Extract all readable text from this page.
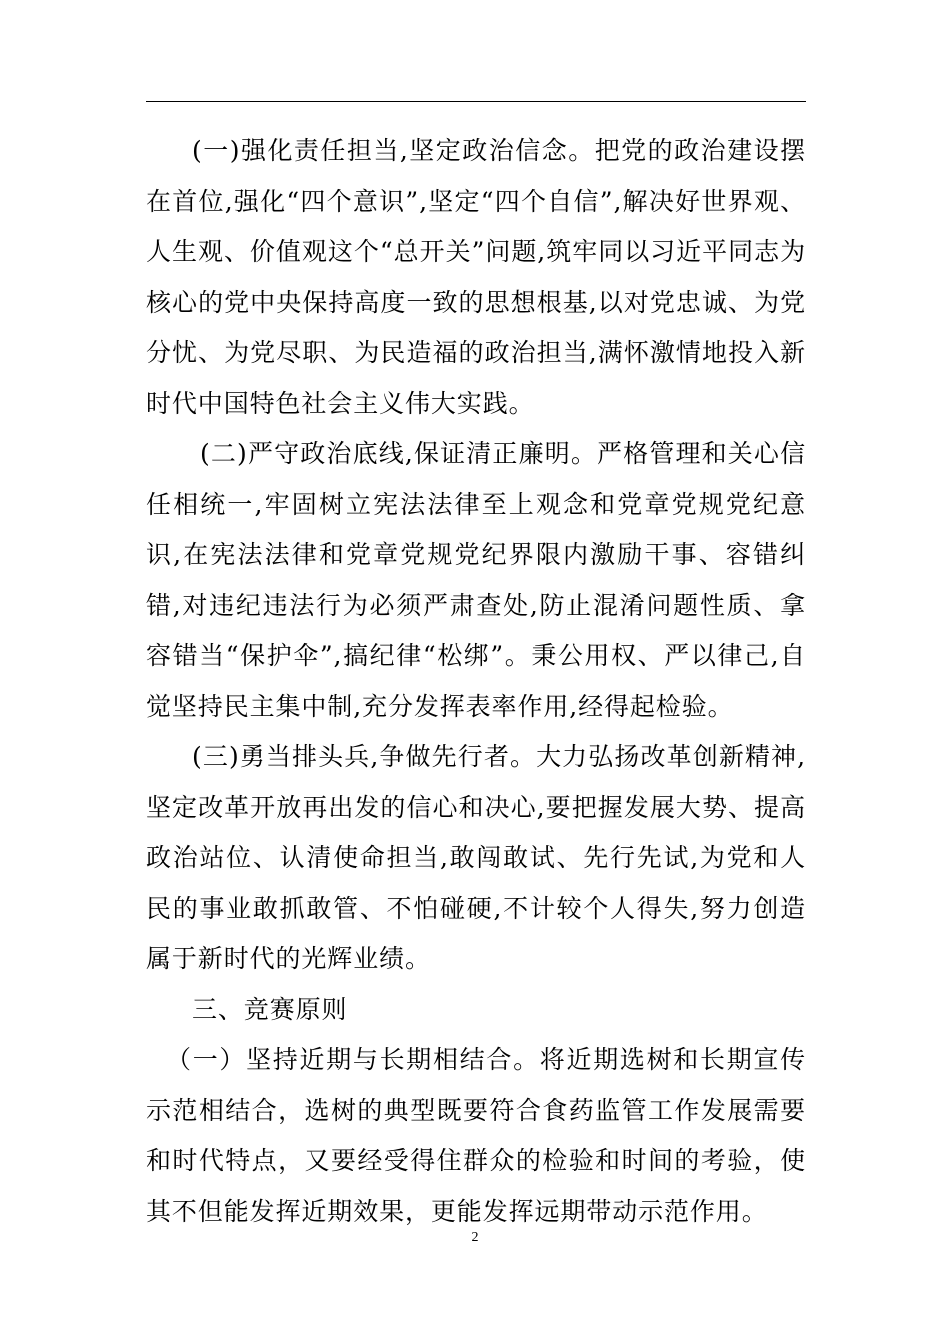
(一)强化责任担当,坚定政治信念。把党的政治建设摆在首位,强化“四个意识”,坚定“四个自信”,解决好世界观、人生观、价值观这个“总开关”问题,筑牢同以习近平同志为核心的党中央保持高度一致的思想根基,以对党忠诚、为党分忧、为党尽职、为民造福的政治担当,满怀激情地投入新时代中国特色社会主义伟大实践。

(二)严守政治底线,保证清正廉明。严格管理和关心信任相统一,牢固树立宪法法律至上观念和党章党规党纪意识,在宪法法律和党章党规党纪界限内激励干事、容错纠错,对违纪违法行为必须严肃查处,防止混淆问题性质、拿容错当“保护伞”,搞纪律“松绑”。秉公用权、严以律己,自觉坚持民主集中制,充分发挥表率作用,经得起检验。

(三)勇当排头兵,争做先行者。大力弘扬改革创新精神,坚定改革开放再出发的信心和决心,要把握发展大势、提高政治站位、认清使命担当,敢闯敢试、先行先试,为党和人民的事业敢抓敢管、不怕碰硬,不计较个人得失,努力创造属于新时代的光辉业绩。

三、竞赛原则

（一）坚持近期与长期相结合。将近期选树和长期宣传示范相结合，选树的典型既要符合食药监管工作发展需要和时代特点，又要经受得住群众的检验和时间的考验，使其不但能发挥近期效果，更能发挥远期带动示范作用。

2
